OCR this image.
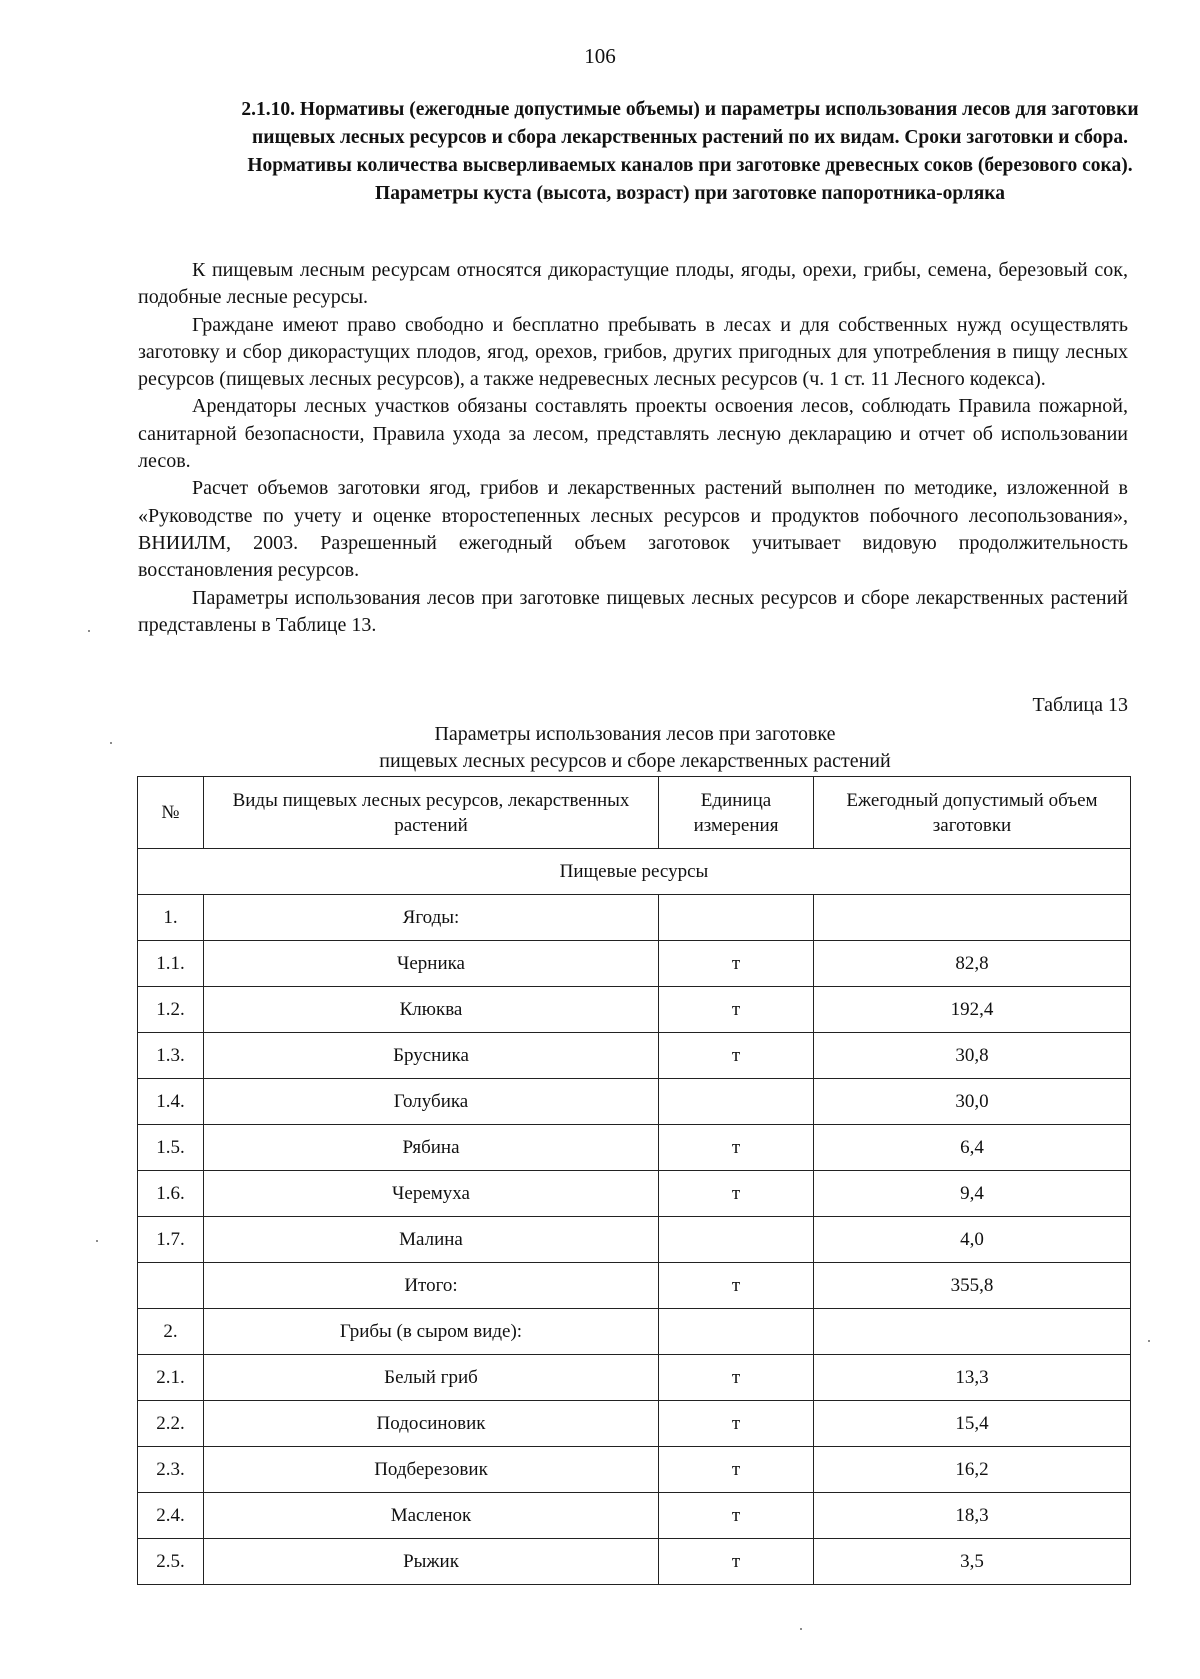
106
2.1.10. Нормативы (ежегодные допустимые объемы) и параметры использования лесов для заготовки пищевых лесных ресурсов и сбора лекарственных растений по их видам. Сроки заготовки и сбора. Нормативы количества высверливаемых каналов при заготовке древесных соков (березового сока). Параметры куста (высота, возраст) при заготовке папоротника-орляка

К пищевым лесным ресурсам относятся дикорастущие плоды, ягоды, орехи, грибы, семена, березовый сок, подобные лесные ресурсы.

Граждане имеют право свободно и бесплатно пребывать в лесах и для собственных нужд осуществлять заготовку и сбор дикорастущих плодов, ягод, орехов, грибов, других пригодных для употребления в пищу лесных ресурсов (пищевых лесных ресурсов), а также недревесных лесных ресурсов (ч. 1 ст. 11 Лесного кодекса).

Арендаторы лесных участков обязаны составлять проекты освоения лесов, соблюдать Правила пожарной, санитарной безопасности, Правила ухода за лесом, представлять лесную декларацию и отчет об использовании лесов.

Расчет объемов заготовки ягод, грибов и лекарственных растений выполнен по методике, изложенной в «Руководстве по учету и оценке второстепенных лесных ресурсов и продуктов побочного лесопользования», ВНИИЛМ, 2003. Разрешенный ежегодный объем заготовок учитывает видовую продолжительность восстановления ресурсов.

Параметры использования лесов при заготовке пищевых лесных ресурсов и сборе лекарственных растений представлены в Таблице 13.

Таблица 13
Параметры использования лесов при заготовке
пищевых лесных ресурсов и сборе лекарственных растений
№	Виды пищевых лесных ресурсов, лекарственных растений	Единица измерения	Ежегодный допустимый объем заготовки
Пищевые ресурсы			
1.	Ягоды:		
1.1.	Черника	т	82,8
1.2.	Клюква	т	192,4
1.3.	Брусника	т	30,8
1.4.	Голубика		30,0
1.5.	Рябина	т	6,4
1.6.	Черемуха	т	9,4
1.7.	Малина		4,0
	Итого:	т	355,8
2.	Грибы (в сыром виде):		
2.1.	Белый гриб	т	13,3
2.2.	Подосиновик	т	15,4
2.3.	Подберезовик	т	16,2
2.4.	Масленок	т	18,3
2.5.	Рыжик	т	3,5
